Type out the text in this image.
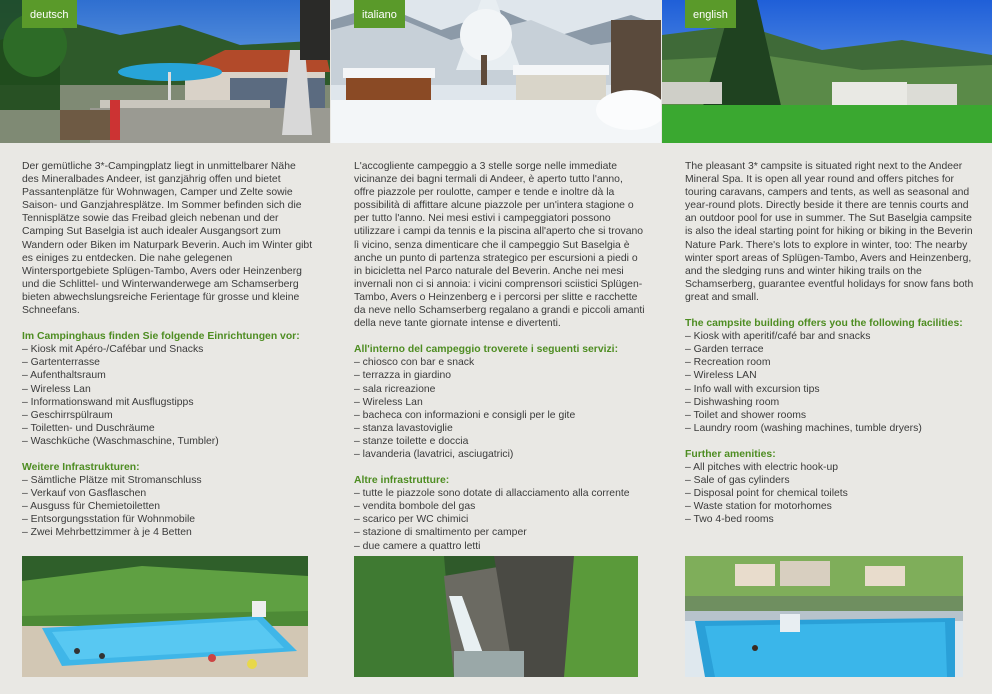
deutsch	italiano	english

Der gemütliche 3*-Campingplatz liegt in unmittelbarer Nähe des Mineralbades Andeer, ist ganzjährig offen und bietet Passantenplätze für Wohnwagen, Camper und Zelte sowie Saison- und Ganzjahresplätze. Im Sommer befinden sich die Tennisplätze sowie das Freibad gleich nebenan und der Camping Sut Baselgia ist auch idealer Ausgangsort zum Wandern oder Biken im Naturpark Beverin. Auch im Winter gibt es einiges zu entdecken. Die nahe gelegenen Wintersportgebiete Splügen-Tambo, Avers oder Heinzenberg und die Schlittel- und Winterwanderwege am Schamserberg bieten abwechslungsreiche Ferientage für grosse und kleine Schneefans.

Im Campinghaus finden Sie folgende Einrichtungen vor:
– Kiosk mit Apéro-/Cafébar und Snacks
– Gartenterrasse
– Aufenthaltsraum
– Wireless Lan
– Informationswand mit Ausflugstipps
– Geschirrspülraum
– Toiletten- und Duschräume
– Waschküche (Waschmaschine, Tumbler)
Weitere Infrastrukturen:
– Sämtliche Plätze mit Stromanschluss
– Verkauf von Gasflaschen
– Ausguss für Chemietoiletten
– Entsorgungsstation für Wohnmobile
– Zwei Mehrbettzimmer à je 4 Betten

L'accogliente campeggio a 3 stelle sorge nelle immediate vicinanze dei bagni termali di Andeer, è aperto tutto l'anno, offre piazzole per roulotte, camper e tende e inoltre dà la possibilità di affittare alcune piazzole per un'intera stagione o per tutto l'anno. Nei mesi estivi i campeggiatori possono utilizzare i campi da tennis e la piscina all'aperto che si trovano lì vicino, senza dimenticare che il campeggio Sut Baselgia è anche un punto di partenza strategico per escursioni a piedi o in bicicletta nel Parco naturale del Beverin. Anche nei mesi invernali non ci si annoia: i vicini comprensori sciistici Splügen-Tambo, Avers o Heinzenberg e i percorsi per slitte e racchette da neve nello Schamserberg regalano a grandi e piccoli amanti della neve tante giornate intense e divertenti.

All'interno del campeggio troverete i seguenti servizi:
– chiosco con bar e snack
– terrazza in giardino
– sala ricreazione
– Wireless Lan
– bacheca con informazioni e consigli per le gite
– stanza lavastoviglie
– stanze toilette e doccia
– lavanderia (lavatrici, asciugatrici)
Altre infrastrutture:
– tutte le piazzole sono dotate di allacciamento alla corrente
– vendita bombole del gas
– scarico per WC chimici
– stazione di smaltimento per camper
– due camere a quattro letti

The pleasant 3* campsite is situated right next to the Andeer Mineral Spa. It is open all year round and offers pitches for touring caravans, campers and tents, as well as seasonal and year-round plots. Directly beside it there are tennis courts and an outdoor pool for use in summer. The Sut Baselgia campsite is also the ideal starting point for hiking or biking in the Beverin Nature Park. There's lots to explore in winter, too: The nearby winter sport areas of Splügen-Tambo, Avers and Heinzenberg, and the sledging runs and winter hiking trails on the Schamserberg, guarantee eventful holidays for snow fans both great and small.

The campsite building offers you the following facilities:
– Kiosk with aperitif/café bar and snacks
– Garden terrace
– Recreation room
– Wireless LAN
– Info wall with excursion tips
– Dishwashing room
– Toilet and shower rooms
– Laundry room (washing machines, tumble dryers)
Further amenities:
– All pitches with electric hook-up
– Sale of gas cylinders
– Disposal point for chemical toilets
– Waste station for motorhomes
– Two 4-bed rooms
